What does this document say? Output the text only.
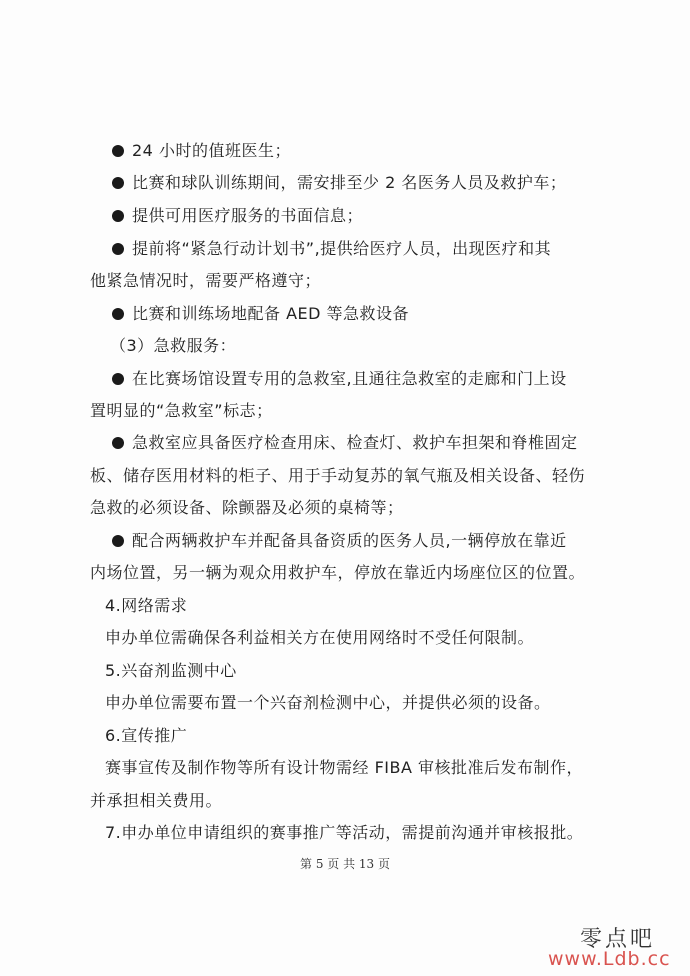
24 小时的值班医生；
比赛和球队训练期间，需安排至少 2 名医务人员及救护车；
提供可用医疗服务的书面信息；
提前将“紧急行动计划书”,提供给医疗人员，出现医疗和其
他紧急情况时，需要严格遵守；
比赛和训练场地配备 AED 等急救设备
（3）急救服务：
在比赛场馆设置专用的急救室,且通往急救室的走廊和门上设
置明显的“急救室”标志；
急救室应具备医疗检查用床、检查灯、救护车担架和脊椎固定
板、储存医用材料的柜子、用于手动复苏的氧气瓶及相关设备、轻伤
急救的必须设备、除颤器及必须的桌椅等；
配合两辆救护车并配备具备资质的医务人员,一辆停放在靠近
内场位置，另一辆为观众用救护车，停放在靠近内场座位区的位置。
4.网络需求
申办单位需确保各利益相关方在使用网络时不受任何限制。
5.兴奋剂监测中心
申办单位需要布置一个兴奋剂检测中心，并提供必须的设备。
6.宣传推广
赛事宣传及制作物等所有设计物需经 FIBA 审核批准后发布制作，
并承担相关费用。
7.申办单位申请组织的赛事推广等活动，需提前沟通并审核报批。
第 5 页 共 13 页
零点吧
www.Ldb.cc
